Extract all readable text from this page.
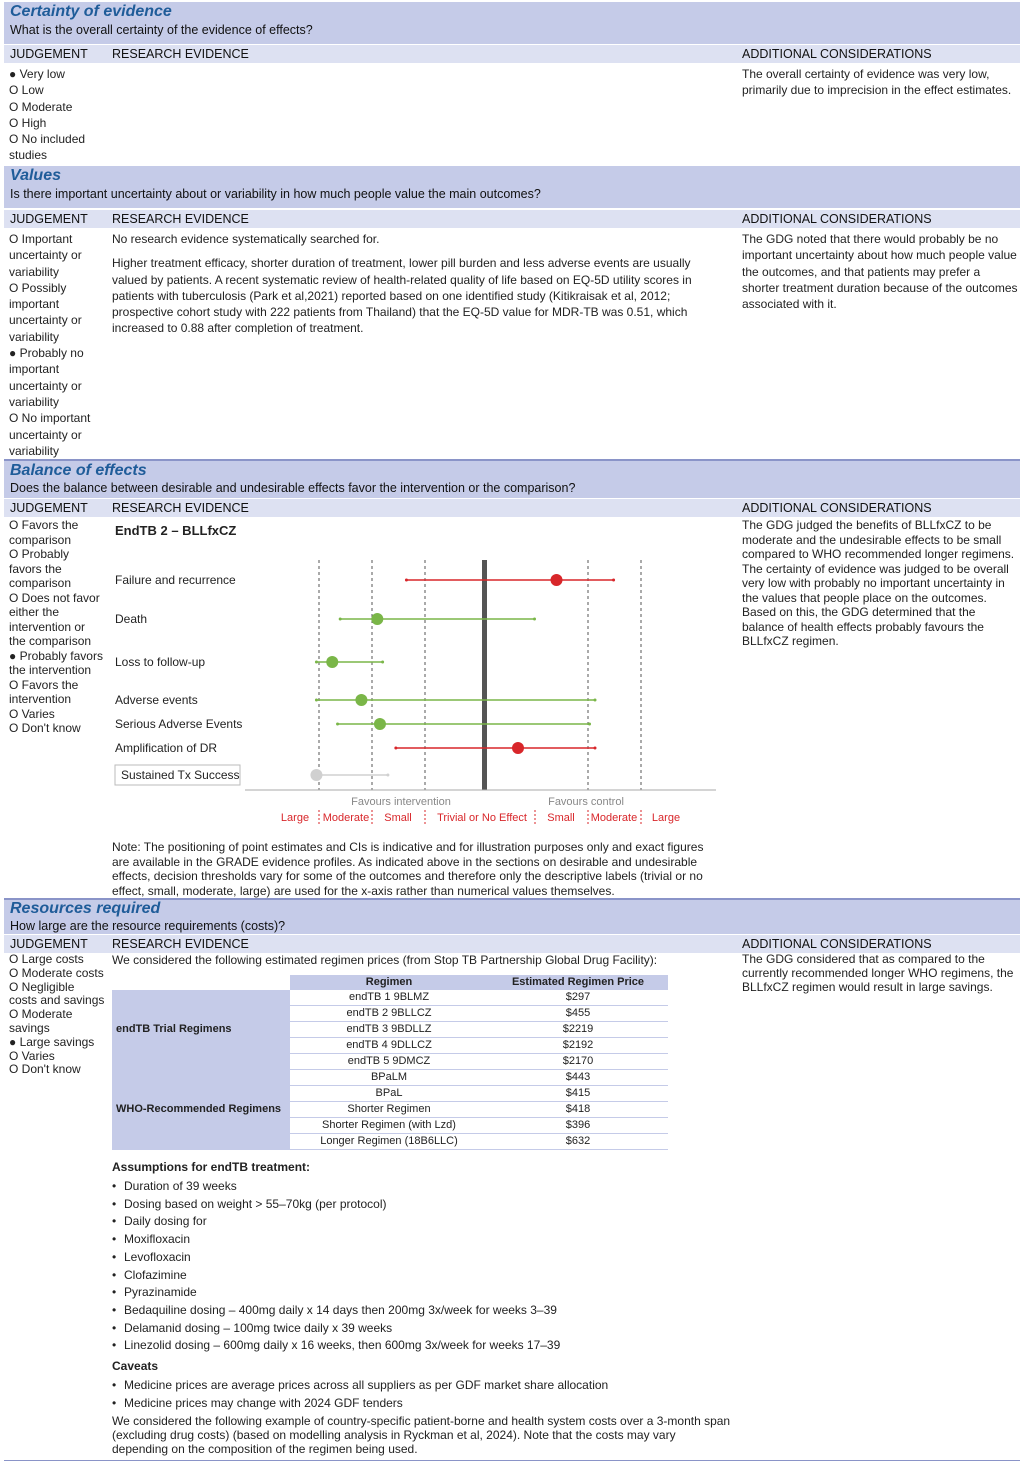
Certainty of evidence
What is the overall certainty of the evidence of effects?
JUDGEMENT RESEARCH EVIDENCE	ADDITIONAL CONSIDERATIONS
● Very low
O Low
O Moderate
O High
O No included studies
The overall certainty of evidence was very low, primarily due to imprecision in the effect estimates.
Values
Is there important uncertainty about or variability in how much people value the main outcomes?
JUDGEMENT RESEARCH EVIDENCE	ADDITIONAL CONSIDERATIONS
O Important uncertainty or variability
O Possibly important uncertainty or variability
● Probably no important uncertainty or variability
O No important uncertainty or variability

No research evidence systematically searched for.

Higher treatment efficacy, shorter duration of treatment, lower pill burden and less adverse events are usually valued by patients. A recent systematic review of health-related quality of life based on EQ-5D utility scores in patients with tuberculosis (Park et al,2021) reported based on one identified study (Kitikraisak et al, 2012; prospective cohort study with 222 patients from Thailand) that the EQ-5D value for MDR-TB was 0.51, which increased to 0.88 after completion of treatment.

The GDG noted that there would probably be no important uncertainty about how much people value the outcomes, and that patients may prefer a shorter treatment duration because of the outcomes associated with it.
Balance of effects
Does the balance between desirable and undesirable effects favor the intervention or the comparison?
JUDGEMENT RESEARCH EVIDENCE	ADDITIONAL CONSIDERATIONS
O Favors the comparison
O Probably favors the comparison
O Does not favor either the intervention or the comparison
● Probably favors the intervention
O Favors the intervention
O Varies
O Don't know
The GDG judged the benefits of BLLfxCZ to be moderate and the undesirable effects to be small compared to WHO recommended longer regimens. The certainty of evidence was judged to be overall very low with probably no important uncertainty in the values that people place on the outcomes. Based on this, the GDG determined that the balance of health effects probably favours the BLLfxCZ regimen.
EndTB 2 – BLLfxCZ
Failure and recurrence
Death
Loss to follow-up
Adverse events
Serious Adverse Events
Amplification of DR
Sustained Tx Success
Favours intervention	Favours control
Large Moderate Small Trivial or No Effect Small Moderate Large
Note: The positioning of point estimates and CIs is indicative and for illustration purposes only and exact figures are available in the GRADE evidence profiles. As indicated above in the sections on desirable and undesirable effects, decision thresholds vary for some of the outcomes and therefore only the descriptive labels (trivial or no effect, small, moderate, large) are used for the x-axis rather than numerical values themselves.
Resources required
How large are the resource requirements (costs)?
JUDGEMENT RESEARCH EVIDENCE	ADDITIONAL CONSIDERATIONS
O Large costs
O Moderate costs
O Negligible costs and savings
O Moderate savings
● Large savings
O Varies
O Don't know
We considered the following estimated regimen prices (from Stop TB Partnership Global Drug Facility):	The GDG considered that as compared to the currently recommended longer WHO regimens, the BLLfxCZ regimen would result in large savings.
	Regimen	Estimated Regimen Price
endTB Trial Regimens	endTB 1 9BLMZ	$297
	endTB 2 9BLLCZ	$455
	endTB 3 9BDLLZ	$2219
	endTB 4 9DLLCZ	$2192
	endTB 5 9DMCZ	$2170
WHO-Recommended Regimens	BPaLM	$443
	BPaL	$415
	Shorter Regimen	$418
	Shorter Regimen (with Lzd)	$396
	Longer Regimen (18B6LLC)	$632
Assumptions for endTB treatment:
• Duration of 39 weeks
• Dosing based on weight > 55–70kg (per protocol)
• Daily dosing for
• Moxifloxacin
• Levofloxacin
• Clofazimine
• Pyrazinamide
• Bedaquiline dosing – 400mg daily x 14 days then 200mg 3x/week for weeks 3–39
• Delamanid dosing – 100mg twice daily x 39 weeks
• Linezolid dosing – 600mg daily x 16 weeks, then 600mg 3x/week for weeks 17–39
Caveats
• Medicine prices are average prices across all suppliers as per GDF market share allocation
• Medicine prices may change with 2024 GDF tenders
We considered the following example of country-specific patient-borne and health system costs over a 3-month span (excluding drug costs) (based on modelling analysis in Ryckman et al, 2024). Note that the costs may vary depending on the composition of the regimen being used.
